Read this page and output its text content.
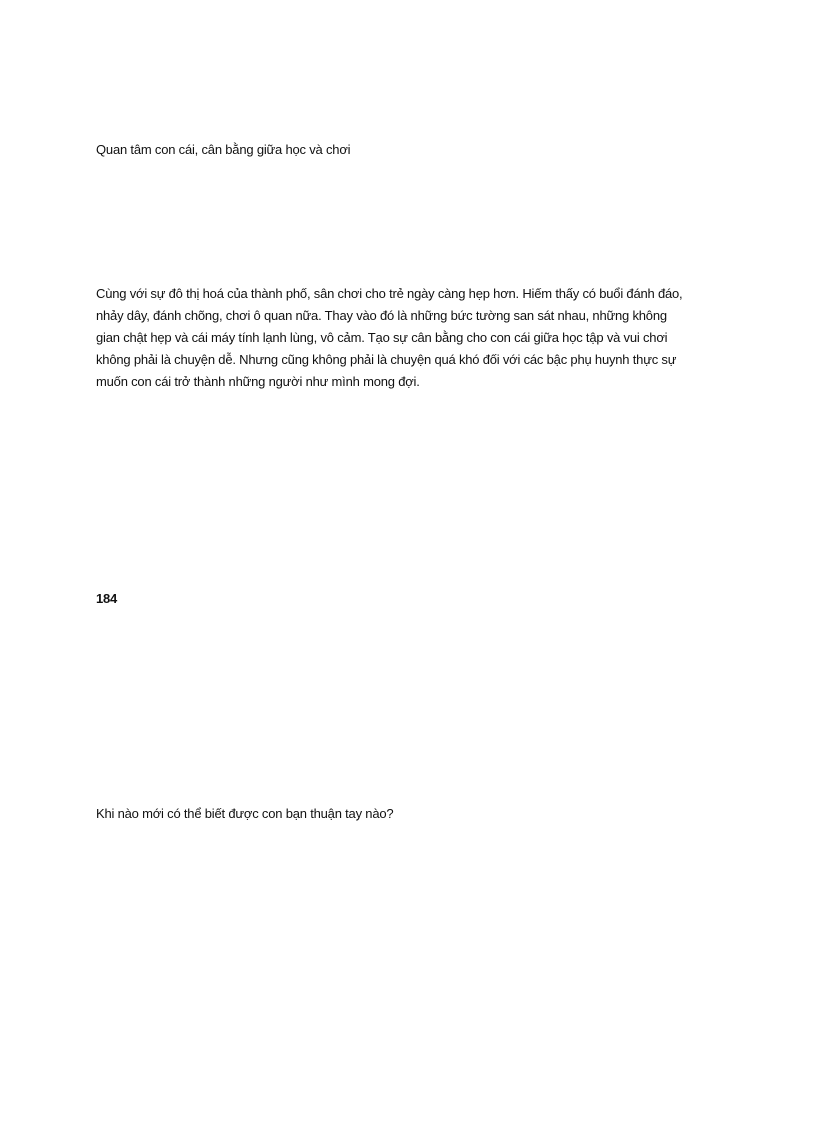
Quan tâm con cái, cân bằng giữa học và chơi

Cùng với sự đô thị hoá của thành phố, sân chơi cho trẻ ngày càng hẹp hơn. Hiếm thấy có buổi đánh đáo,
nhảy dây, đánh chõng, chơi ô quan nữa. Thay vào đó là những bức tường san sát nhau, những không
gian chật hẹp và cái máy tính lạnh lùng, vô cảm. Tạo sự cân bằng cho con cái giữa học tập và vui chơi
không phải là chuyện dễ. Nhưng cũng không phải là chuyện quá khó đối với các bậc phụ huynh thực sự
muốn con cái trở thành những người như mình mong đợi.

184

Khi nào mới có thể biết được con bạn thuận tay nào?
